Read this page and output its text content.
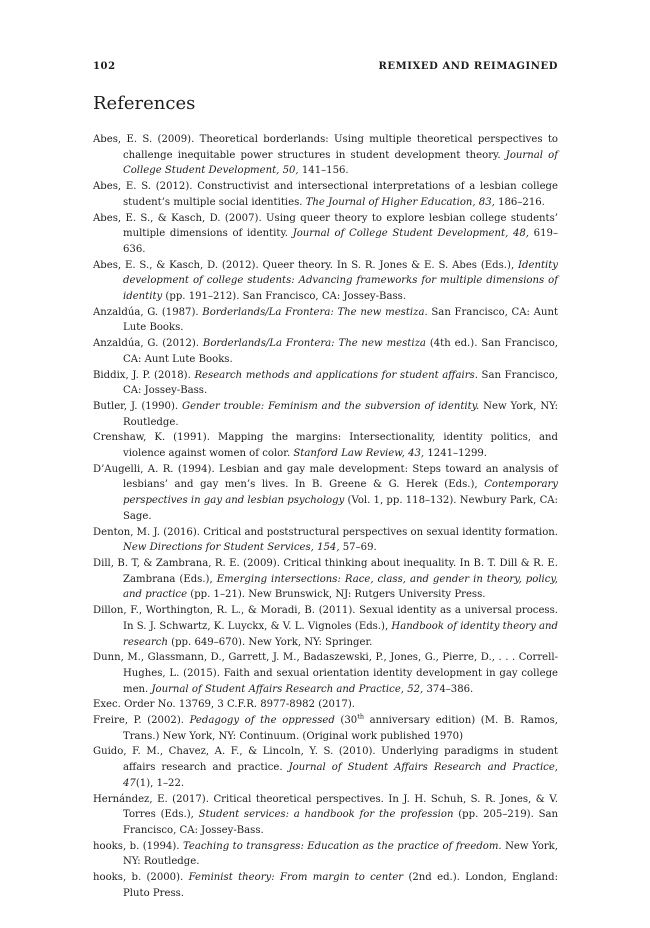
102	REMIXED AND REIMAGINED
References
Abes, E. S. (2009). Theoretical borderlands: Using multiple theoretical perspectives to challenge inequitable power structures in student development theory. Journal of College Student Development, 50, 141–156.
Abes, E. S. (2012). Constructivist and intersectional interpretations of a lesbian college student’s multiple social identities. The Journal of Higher Education, 83, 186–216.
Abes, E. S., & Kasch, D. (2007). Using queer theory to explore lesbian college students’ multiple dimensions of identity. Journal of College Student Development, 48, 619–636.
Abes, E. S., & Kasch, D. (2012). Queer theory. In S. R. Jones & E. S. Abes (Eds.), Identity development of college students: Advancing frameworks for multiple dimensions of identity (pp. 191–212). San Francisco, CA: Jossey-Bass.
Anzaldúa, G. (1987). Borderlands/La Frontera: The new mestiza. San Francisco, CA: Aunt Lute Books.
Anzaldúa, G. (2012). Borderlands/La Frontera: The new mestiza (4th ed.). San Francisco, CA: Aunt Lute Books.
Biddix, J. P. (2018). Research methods and applications for student affairs. San Francisco, CA: Jossey-Bass.
Butler, J. (1990). Gender trouble: Feminism and the subversion of identity. New York, NY: Routledge.
Crenshaw, K. (1991). Mapping the margins: Intersectionality, identity politics, and violence against women of color. Stanford Law Review, 43, 1241–1299.
D’Augelli, A. R. (1994). Lesbian and gay male development: Steps toward an analysis of lesbians’ and gay men’s lives. In B. Greene & G. Herek (Eds.), Contemporary perspectives in gay and lesbian psychology (Vol. 1, pp. 118–132). Newbury Park, CA: Sage.
Denton, M. J. (2016). Critical and poststructural perspectives on sexual identity formation. New Directions for Student Services, 154, 57–69.
Dill, B. T, & Zambrana, R. E. (2009). Critical thinking about inequality. In B. T. Dill & R. E. Zambrana (Eds.), Emerging intersections: Race, class, and gender in theory, policy, and practice (pp. 1–21). New Brunswick, NJ: Rutgers University Press.
Dillon, F., Worthington, R. L., & Moradi, B. (2011). Sexual identity as a universal process. In S. J. Schwartz, K. Luyckx, & V. L. Vignoles (Eds.), Handbook of identity theory and research (pp. 649–670). New York, NY: Springer.
Dunn, M., Glassmann, D., Garrett, J. M., Badaszewski, P., Jones, G., Pierre, D., . . . Correll-Hughes, L. (2015). Faith and sexual orientation identity development in gay college men. Journal of Student Affairs Research and Practice, 52, 374–386.
Exec. Order No. 13769, 3 C.F.R. 8977-8982 (2017).
Freire, P. (2002). Pedagogy of the oppressed (30th anniversary edition) (M. B. Ramos, Trans.) New York, NY: Continuum. (Original work published 1970)
Guido, F. M., Chavez, A. F., & Lincoln, Y. S. (2010). Underlying paradigms in student affairs research and practice. Journal of Student Affairs Research and Practice, 47(1), 1–22.
Hernández, E. (2017). Critical theoretical perspectives. In J. H. Schuh, S. R. Jones, & V. Torres (Eds.), Student services: a handbook for the profession (pp. 205–219). San Francisco, CA: Jossey-Bass.
hooks, b. (1994). Teaching to transgress: Education as the practice of freedom. New York, NY: Routledge.
hooks, b. (2000). Feminist theory: From margin to center (2nd ed.). London, England: Pluto Press.
